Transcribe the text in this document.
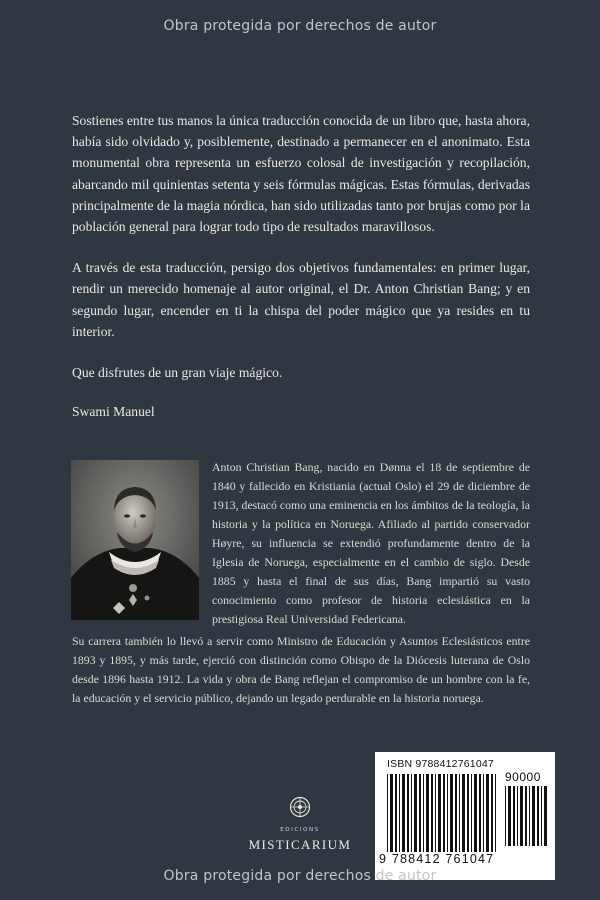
Obra protegida por derechos de autor

Sostienes entre tus manos la única traducción conocida de un libro que, hasta ahora, había sido olvidado y, posiblemente, destinado a permanecer en el anonimato. Esta monumental obra representa un esfuerzo colosal de investigación y recopilación, abarcando mil quinientas setenta y seis fórmulas mágicas. Estas fórmulas, derivadas principalmente de la magia nórdica, han sido utilizadas tanto por brujas como por la población general para lograr todo tipo de resultados maravillosos.

A través de esta traducción, persigo dos objetivos fundamentales: en primer lugar, rendir un merecido homenaje al autor original, el Dr. Anton Christian Bang; y en segundo lugar, encender en ti la chispa del poder mágico que ya resides en tu interior.

Que disfrutes de un gran viaje mágico.

Swami Manuel

Anton Christian Bang, nacido en Dønna el 18 de septiembre de 1840 y fallecido en Kristiania (actual Oslo) el 29 de diciembre de 1913, destacó como una eminencia en los ámbitos de la teología, la historia y la política en Noruega. Afiliado al partido conservador Høyre, su influencia se extendió profundamente dentro de la Iglesia de Noruega, especialmente en el cambio de siglo. Desde 1885 y hasta el final de sus días, Bang impartió su vasto conocimiento como profesor de historia eclesiástica en la prestigiosa Real Universidad Federicana.
Su carrera también lo llevó a servir como Ministro de Educación y Asuntos Eclesiásticos entre 1893 y 1895, y más tarde, ejerció con distinción como Obispo de la Diócesis luterana de Oslo desde 1896 hasta 1912. La vida y obra de Bang reflejan el compromiso de un hombre con la fe, la educación y el servicio público, dejando un legado perdurable en la historia noruega.
EDICIONS
MISTICARIUM
ISBN 9788412761047
90000
9 788412 761047
Obra protegida por derechos de autor
